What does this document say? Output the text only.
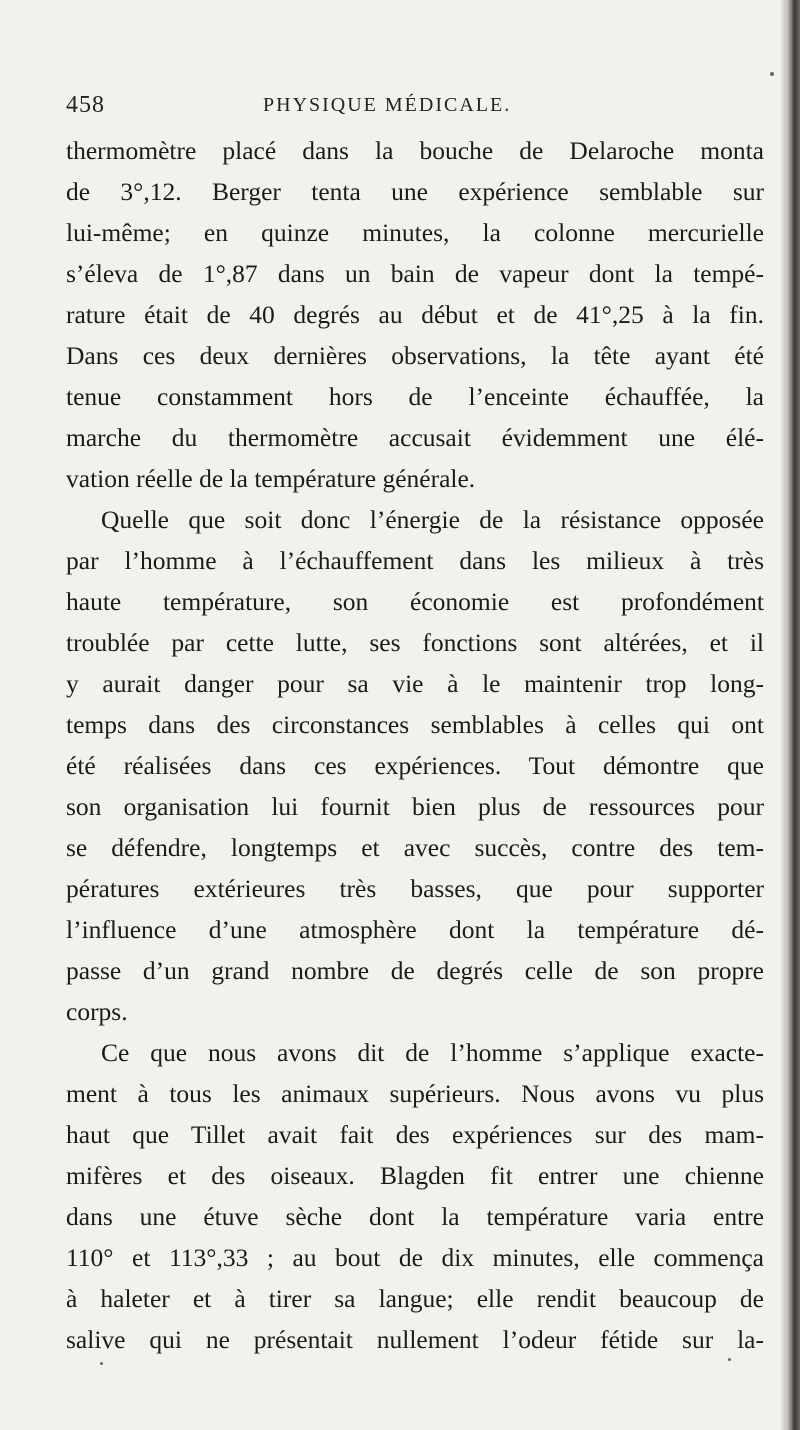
458	PHYSIQUE MÉDICALE.
thermomètre placé dans la bouche de Delaroche monta
de 3°,12. Berger tenta une expérience semblable sur
lui-même; en quinze minutes, la colonne mercurielle
s’éleva de 1°,87 dans un bain de vapeur dont la tempé-
rature était de 40 degrés au début et de 41°,25 à la fin.
Dans ces deux dernières observations, la tête ayant été
tenue constamment hors de l’enceinte échauffée, la
marche du thermomètre accusait évidemment une élé-
vation réelle de la température générale.
Quelle que soit donc l’énergie de la résistance opposée
par l’homme à l’échauffement dans les milieux à très
haute température, son économie est profondément
troublée par cette lutte, ses fonctions sont altérées, et il
y aurait danger pour sa vie à le maintenir trop long-
temps dans des circonstances semblables à celles qui ont
été réalisées dans ces expériences. Tout démontre que
son organisation lui fournit bien plus de ressources pour
se défendre, longtemps et avec succès, contre des tem-
pératures extérieures très basses, que pour supporter
l’influence d’une atmosphère dont la température dé-
passe d’un grand nombre de degrés celle de son propre
corps.
Ce que nous avons dit de l’homme s’applique exacte-
ment à tous les animaux supérieurs. Nous avons vu plus
haut que Tillet avait fait des expériences sur des mam-
mifères et des oiseaux. Blagden fit entrer une chienne
dans une étuve sèche dont la température varia entre
110° et 113°,33 ; au bout de dix minutes, elle commença
à haleter et à tirer sa langue; elle rendit beaucoup de
salive qui ne présentait nullement l’odeur fétide sur la-
